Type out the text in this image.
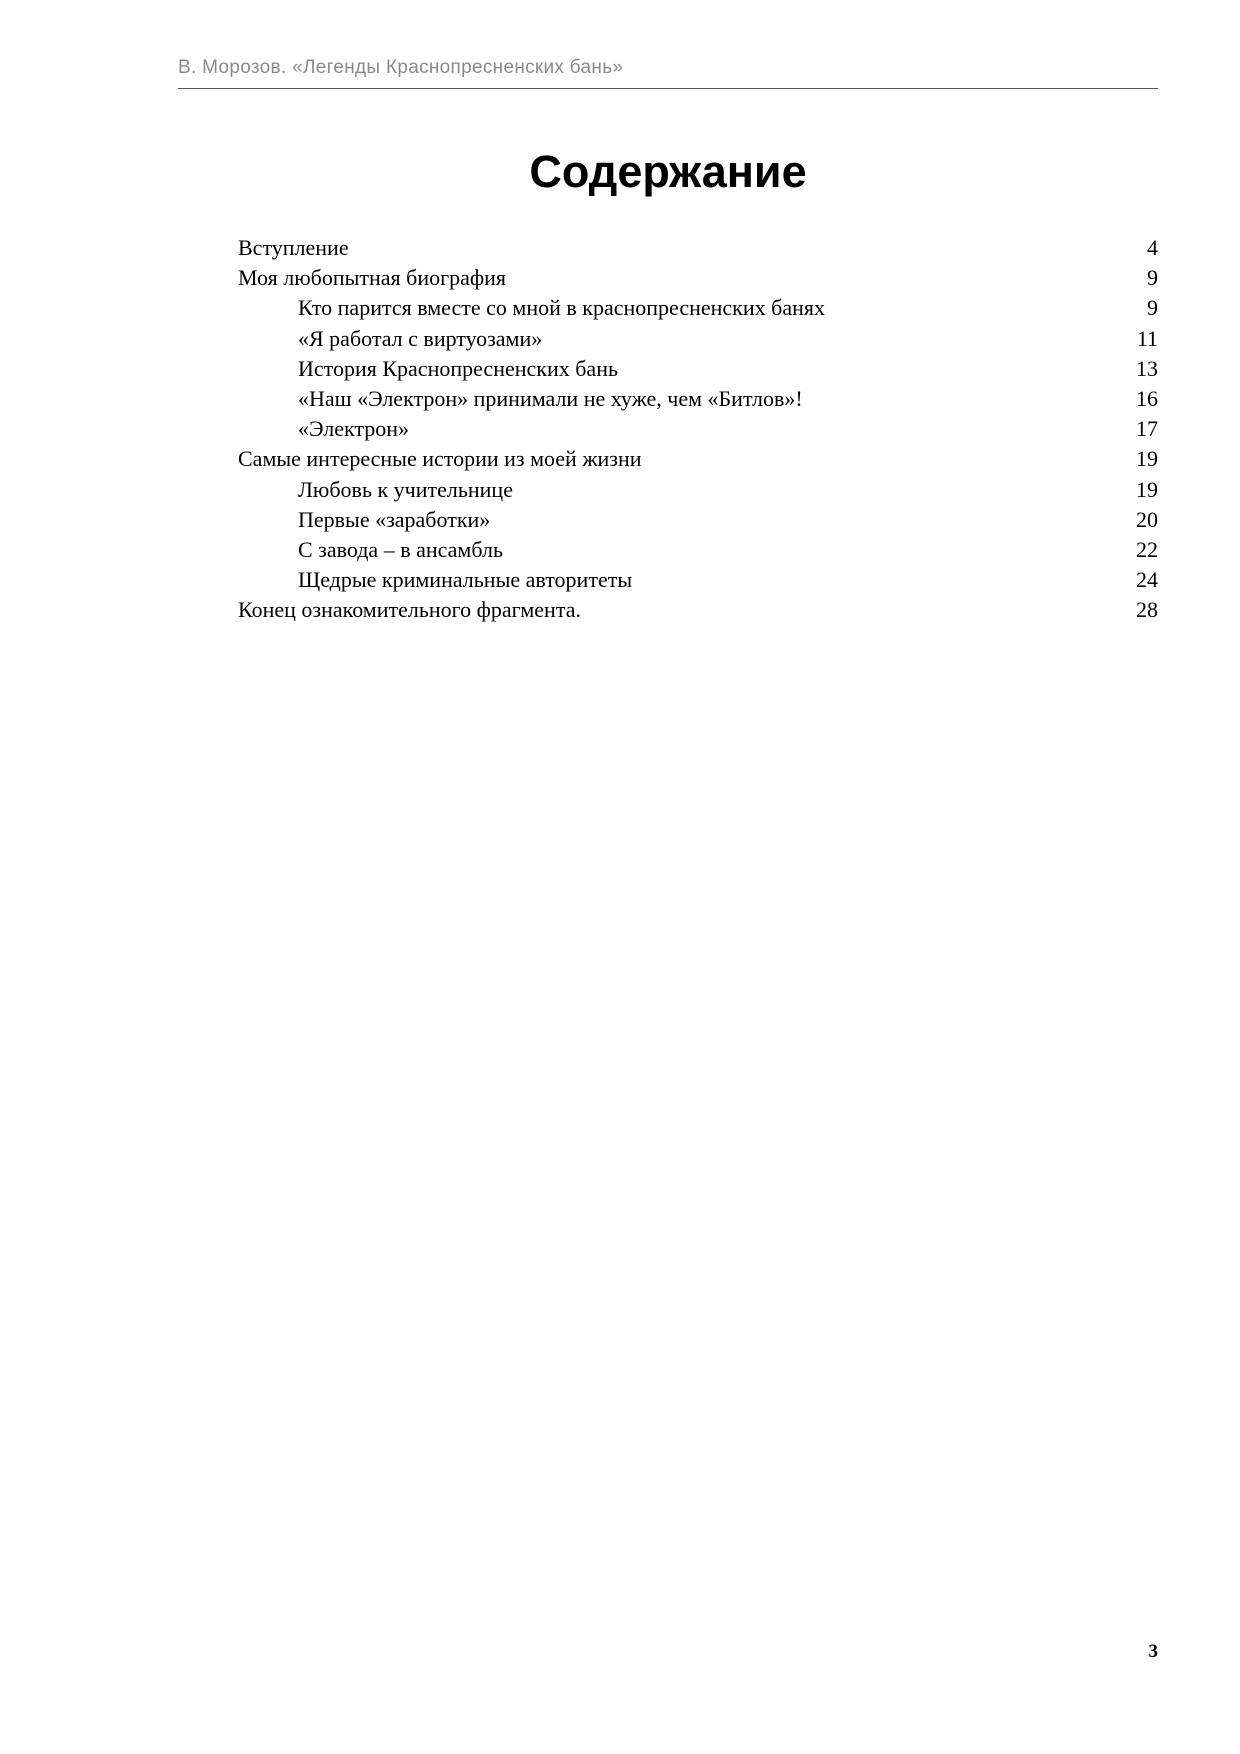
В. Морозов. «Легенды Краснопресненских бань»
Содержание
Вступление	4
Моя любопытная биография	9
Кто парится вместе со мной в краснопресненских банях	9
«Я работал с виртуозами»	11
История Краснопресненских бань	13
«Наш «Электрон» принимали не хуже, чем «Битлов»!	16
«Электрон»	17
Самые интересные истории из моей жизни	19
Любовь к учительнице	19
Первые «заработки»	20
С завода – в ансамбль	22
Щедрые криминальные авторитеты	24
Конец ознакомительного фрагмента.	28
3
